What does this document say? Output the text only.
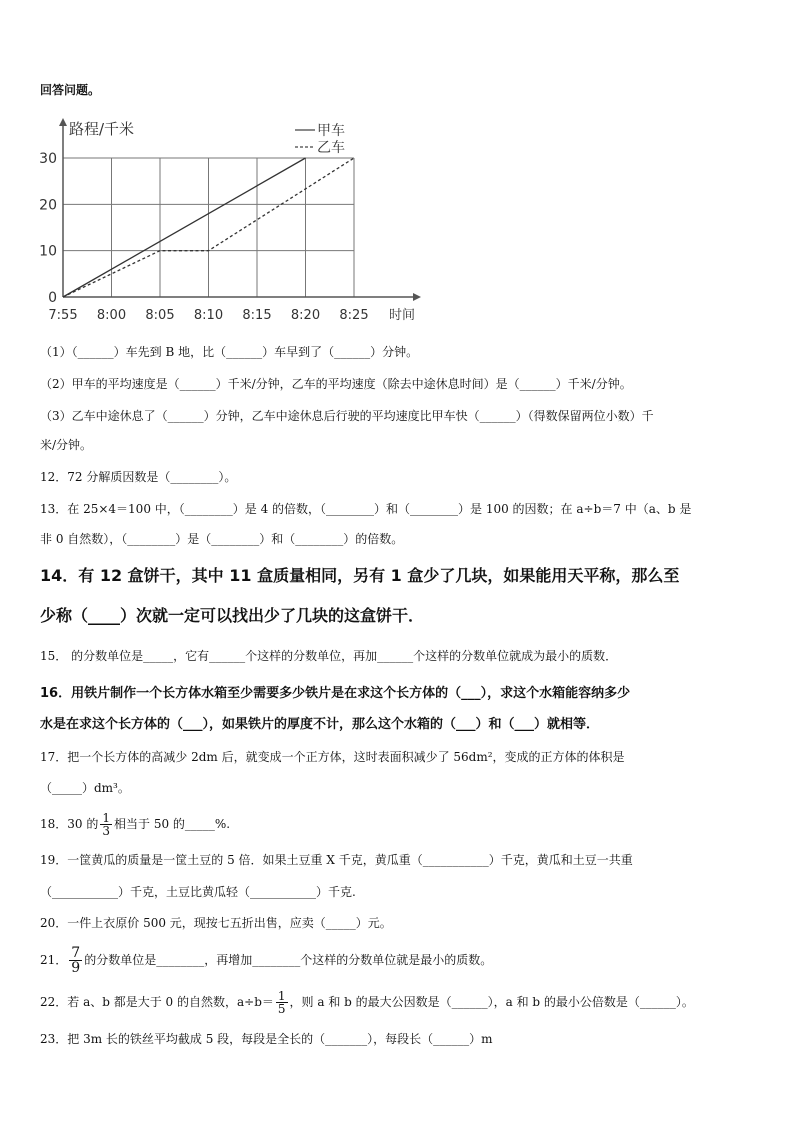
回答问题。
0
10
20
30
7:55 8:00 8:05 8:10 8:15 8:20 8:25
路程/千米
时间
甲车
乙车
（1）（______）车先到 B 地，比（______）车早到了（______）分钟。
（2）甲车的平均速度是（______）千米/分钟，乙车的平均速度（除去中途休息时间）是（______）千米/分钟。
（3）乙车中途休息了（______）分钟，乙车中途休息后行驶的平均速度比甲车快（______）（得数保留两位小数）千
米/分钟。
12．72 分解质因数是（________）。
13．在 25×4＝100 中，（________）是 4 的倍数，（________）和（________）是 100 的因数；在 a÷b＝7 中（a、b 是
非 0 自然数），（________）是（________）和（________）的倍数。
14．有 12 盒饼干，其中 11 盒质量相同，另有 1 盒少了几块，如果能用天平称，那么至
少称（____）次就一定可以找出少了几块的这盒饼干．
15． 的分数单位是_____，它有______个这样的分数单位，再加______个这样的分数单位就成为最小的质数．
16．用铁片制作一个长方体水箱至少需要多少铁片是在求这个长方体的（___），求这个水箱能容纳多少
水是在求这个长方体的（___），如果铁片的厚度不计，那么这个水箱的（___）和（___）就相等．
17．把一个长方体的高减少 2dm 后，就变成一个正方体，这时表面积减少了 56dm²，变成的正方体的体积是
（_____）dm³。
18．30 的 $\frac{1}{3}$ 相当于 50 的_____%.
19．一筐黄瓜的质量是一筐土豆的 5 倍．如果土豆重 X 千克，黄瓜重（___________）千克，黄瓜和土豆一共重
（___________）千克，土豆比黄瓜轻（___________）千克.
20．一件上衣原价 500 元，现按七五折出售，应卖（_____）元。
21． $\frac{7}{9}$ 的分数单位是________，再增加________个这样的分数单位就是最小的质数。
22．若 a、b 都是大于 0 的自然数，$a\div b= \frac{1}{5}$ ，则 a 和 b 的最大公因数是（______），a 和 b 的最小公倍数是（______）。
23．把 3m 长的铁丝平均截成 5 段，每段是全长的（_______），每段长（______）m
